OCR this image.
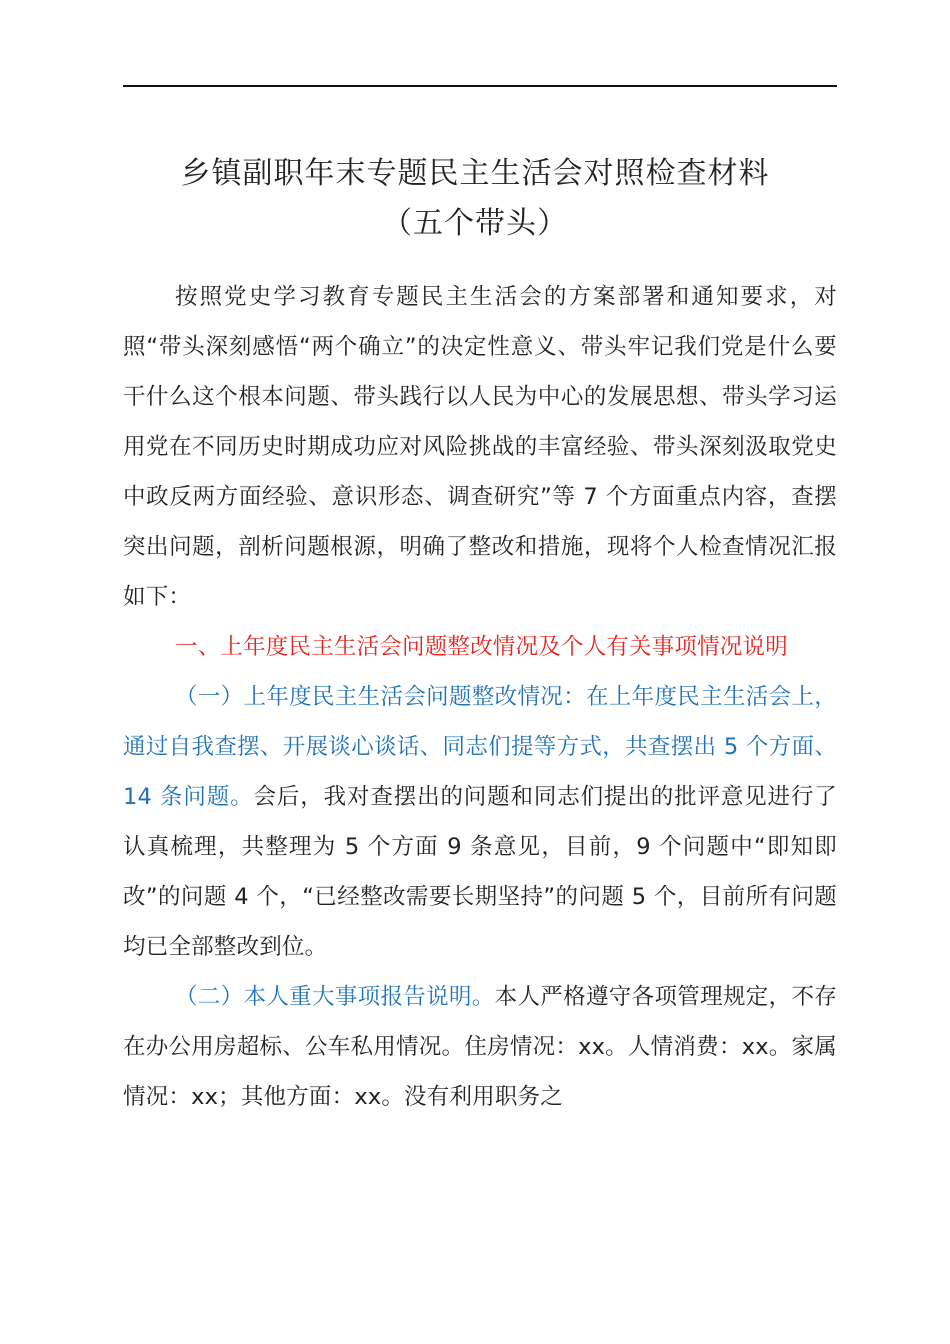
乡镇副职年末专题民主生活会对照检查材料
（五个带头）

按照党史学习教育专题民主生活会的方案部署和通知要求，对照“带头深刻感悟“两个确立”的决定性意义、带头牢记我们党是什么要干什么这个根本问题、带头践行以人民为中心的发展思想、带头学习运用党在不同历史时期成功应对风险挑战的丰富经验、带头深刻汲取党史中政反两方面经验、意识形态、调查研究”等 7 个方面重点内容，查摆突出问题，剖析问题根源，明确了整改和措施，现将个人检查情况汇报如下：

一、上年度民主生活会问题整改情况及个人有关事项情况说明

（一）上年度民主生活会问题整改情况：在上年度民主生活会上，通过自我查摆、开展谈心谈话、同志们提等方式，共查摆出 5 个方面、14 条问题。会后，我对查摆出的问题和同志们提出的批评意见进行了认真梳理，共整理为 5 个方面 9 条意见，目前，9 个问题中“即知即改”的问题 4 个，“已经整改需要长期坚持”的问题 5 个，目前所有问题均已全部整改到位。

（二）本人重大事项报告说明。本人严格遵守各项管理规定，不存在办公用房超标、公车私用情况。住房情况：xx。人情消费：xx。家属情况：xx；其他方面：xx。没有利用职务之
